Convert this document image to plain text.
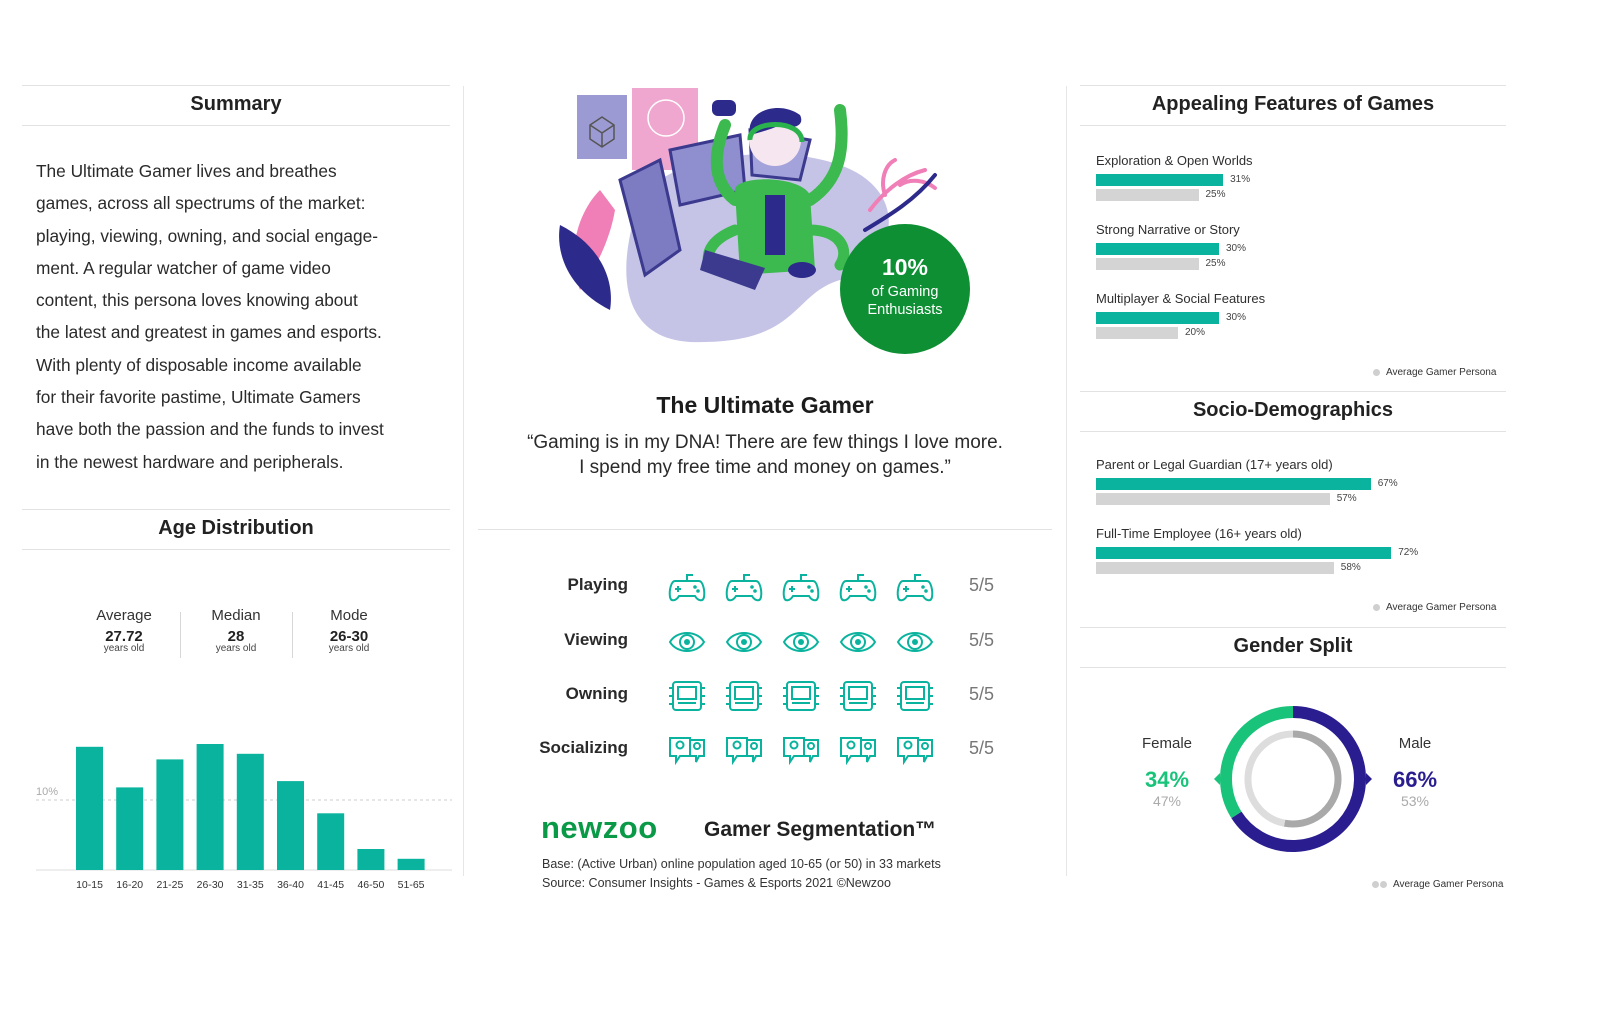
Summary
The Ultimate Gamer lives and breathes
games, across all spectrums of the market:
playing, viewing, owning, and social engage-
ment. A regular watcher of game video
content, this persona loves knowing about
the latest and greatest in games and esports.
With plenty of disposable income available
for their favorite pastime, Ultimate Gamers
have both the passion and the funds to invest
in the newest hardware and peripherals.
Age Distribution
Average
27.72
years old
Median
28
years old
Mode
26-30
years old
10%
10-15 16-20 21-25 26-30 31-35 36-40 41-45 46-50 51-65
10%
of Gaming
Enthusiasts
The Ultimate Gamer
“Gaming is in my DNA! There are few things I love more.
I spend my free time and money on games.”
Playing
Viewing
Owning
Socializing
5/5
5/5
5/5
5/5
newzoo Gamer Segmentation™
Base: (Active Urban) online population aged 10-65 (or 50) in 33 markets
Source: Consumer Insights - Games & Esports 2021 ©Newzoo
Appealing Features of Games
Exploration & Open Worlds
31%
25%
Strong Narrative or Story
30%
25%
Multiplayer & Social Features
30%
20%
Average Gamer Persona
Socio-Demographics
Parent or Legal Guardian (17+ years old)
67%
57%
Full-Time Employee (16+ years old)
72%
58%
Average Gamer Persona
Gender Split
Female
34%
47%
Male
66%
53%
Average Gamer Persona
